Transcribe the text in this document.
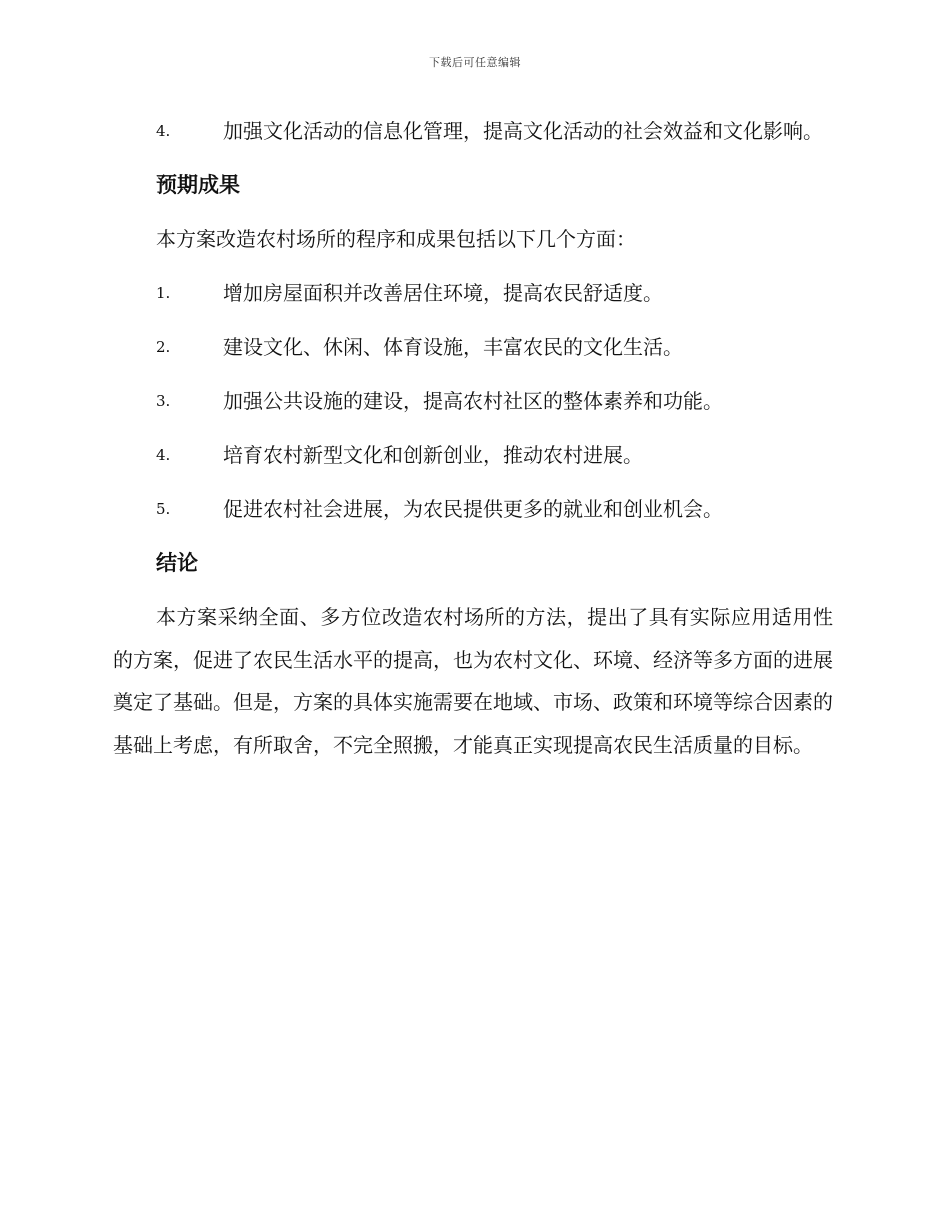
下载后可任意编辑
4.	加强文化活动的信息化管理，提高文化活动的社会效益和文化影响。
预期成果
本方案改造农村场所的程序和成果包括以下几个方面：
1.	增加房屋面积并改善居住环境，提高农民舒适度。
2.	建设文化、休闲、体育设施，丰富农民的文化生活。
3.	加强公共设施的建设，提高农村社区的整体素养和功能。
4.	培育农村新型文化和创新创业，推动农村进展。
5.	促进农村社会进展，为农民提供更多的就业和创业机会。
结论
本方案采纳全面、多方位改造农村场所的方法，提出了具有实际应用适用性的方案，促进了农民生活水平的提高，也为农村文化、环境、经济等多方面的进展奠定了基础。但是，方案的具体实施需要在地域、市场、政策和环境等综合因素的基础上考虑，有所取舍，不完全照搬，才能真正实现提高农民生活质量的目标。
